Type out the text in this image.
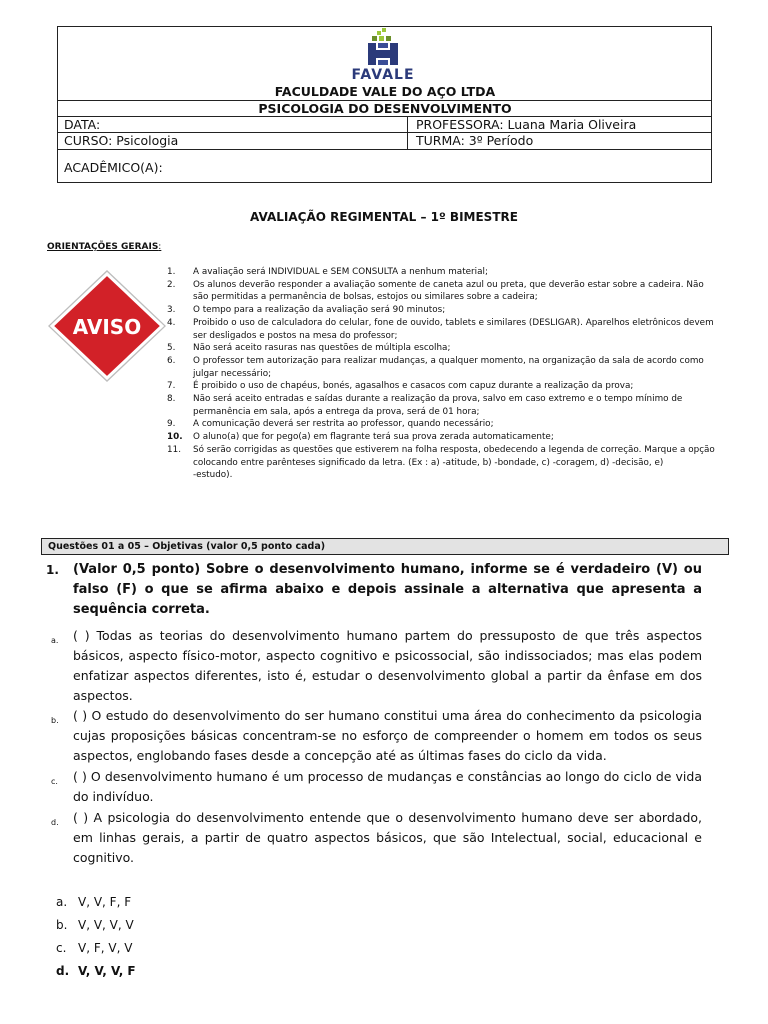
FAVALE
FACULDADE VALE DO AÇO LTDA
PSICOLOGIA DO DESENVOLVIMENTO
DATA:	PROFESSORA: Luana Maria Oliveira
CURSO: Psicologia	TURMA: 3º Período
ACADÊMICO(A):
AVALIAÇÃO REGIMENTAL – 1º BIMESTRE
ORIENTAÇÕES GERAIS:
AVISO
1. A avaliação será INDIVIDUAL e SEM CONSULTA a nenhum material;
2. Os alunos deverão responder a avaliação somente de caneta azul ou preta, que deverão estar sobre a cadeira. Não são permitidas a permanência de bolsas, estojos ou similares sobre a cadeira;
3. O tempo para a realização da avaliação será 90 minutos;
4. Proibido o uso de calculadora do celular, fone de ouvido, tablets e similares (DESLIGAR). Aparelhos eletrônicos devem ser desligados e postos na mesa do professor;
5. Não será aceito rasuras nas questões de múltipla escolha;
6. O professor tem autorização para realizar mudanças, a qualquer momento, na organização da sala de acordo como julgar necessário;
7. É proibido o uso de chapéus, bonés, agasalhos e casacos com capuz durante a realização da prova;
8. Não será aceito entradas e saídas durante a realização da prova, salvo em caso extremo e o tempo mínimo de permanência em sala, após a entrega da prova, será de 01 hora;
9. A comunicação deverá ser restrita ao professor, quando necessário;
10. O aluno(a) que for pego(a) em flagrante terá sua prova zerada automaticamente;
11. Só serão corrigidas as questões que estiverem na folha resposta, obedecendo a legenda de correção. Marque a opção colocando entre parênteses significado da letra. (Ex : a) -atitude, b) -bondade, c) -coragem, d) -decisão, e)
-estudo).
Questões 01 a 05 – Objetivas (valor 0,5 ponto cada)
1. (Valor 0,5 ponto) Sobre o desenvolvimento humano, informe se é verdadeiro (V) ou falso (F) o que se afirma abaixo e depois assinale a alternativa que apresenta a sequência correta.
a. ( ) Todas as teorias do desenvolvimento humano partem do pressuposto de que três aspectos básicos, aspecto físico-motor, aspecto cognitivo e psicossocial, são indissociados; mas elas podem enfatizar aspectos diferentes, isto é, estudar o desenvolvimento global a partir da ênfase em dos aspectos.
b. ( ) O estudo do desenvolvimento do ser humano constitui uma área do conhecimento da psicologia cujas proposições básicas concentram-se no esforço de compreender o homem em todos os seus aspectos, englobando fases desde a concepção até as últimas fases do ciclo da vida.
c. ( ) O desenvolvimento humano é um processo de mudanças e constâncias ao longo do ciclo de vida do indivíduo.
d. ( ) A psicologia do desenvolvimento entende que o desenvolvimento humano deve ser abordado, em linhas gerais, a partir de quatro aspectos básicos, que são Intelectual, social, educacional e cognitivo.
a. V, V, F, F
b. V, V, V, V
c. V, F, V, V
d. V, V, V, F
